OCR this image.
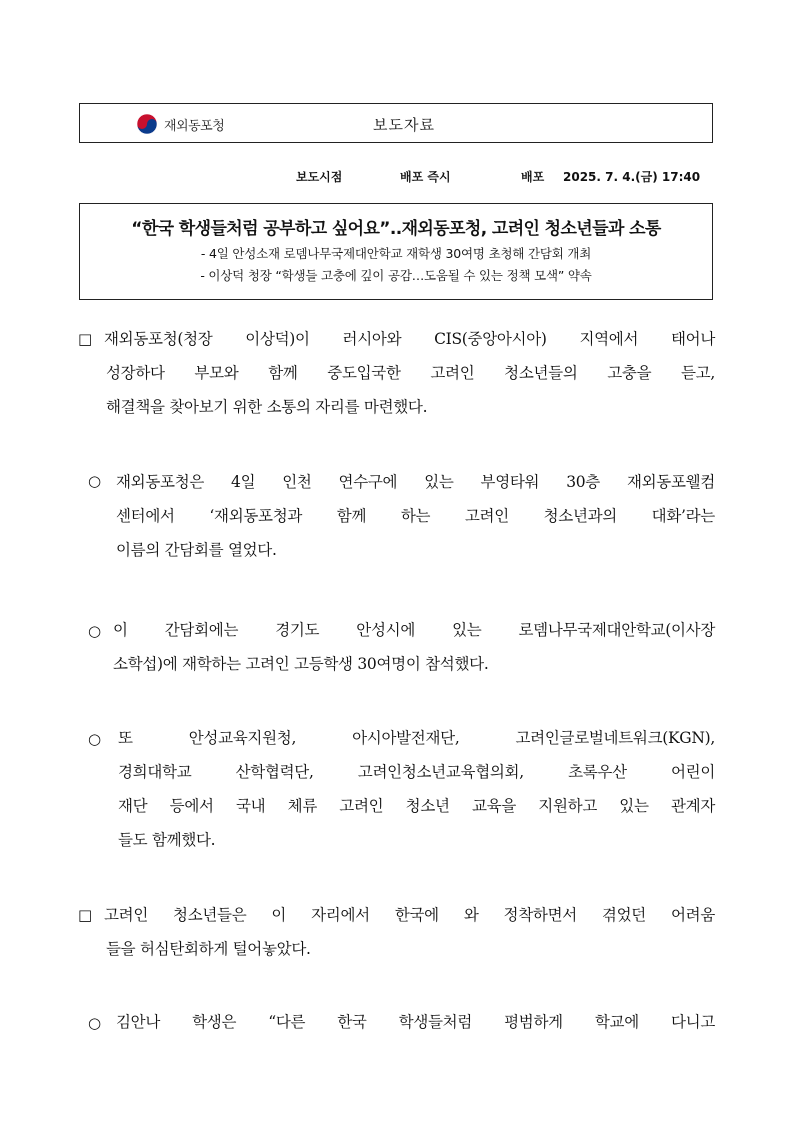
재외동포청	보도자료
보도시점	배포 즉시	배포 2025. 7. 4.(금) 17:40
“한국 학생들처럼 공부하고 싶어요”..재외동포청, 고려인 청소년들과 소통
- 4일 안성소재 로뎀나무국제대안학교 재학생 30여명 초청해 간담회 개최
- 이상덕 청장 “학생들 고충에 깊이 공감…도움될 수 있는 정책 모색” 약속
□ 재외동포청(청장 이상덕)이 러시아와 CIS(중앙아시아) 지역에서 태어나
성장하다 부모와 함께 중도입국한 고려인 청소년들의 고충을 듣고,
해결책을 찾아보기 위한 소통의 자리를 마련했다.
○ 재외동포청은 4일 인천 연수구에 있는 부영타워 30층 재외동포웰컴
센터에서 ‘재외동포청과 함께 하는 고려인 청소년과의 대화’라는
이름의 간담회를 열었다.
○ 이 간담회에는 경기도 안성시에 있는 로뎀나무국제대안학교(이사장
소학섭)에 재학하는 고려인 고등학생 30여명이 참석했다.
○ 또 안성교육지원청, 아시아발전재단, 고려인글로벌네트워크(KGN),
경희대학교 산학협력단, 고려인청소년교육협의회, 초록우산 어린이
재단 등에서 국내 체류 고려인 청소년 교육을 지원하고 있는 관계자
들도 함께했다.
□ 고려인 청소년들은 이 자리에서 한국에 와 정착하면서 겪었던 어려움
들을 허심탄회하게 털어놓았다.
○ 김안나 학생은 “다른 한국 학생들처럼 평범하게 학교에 다니고
